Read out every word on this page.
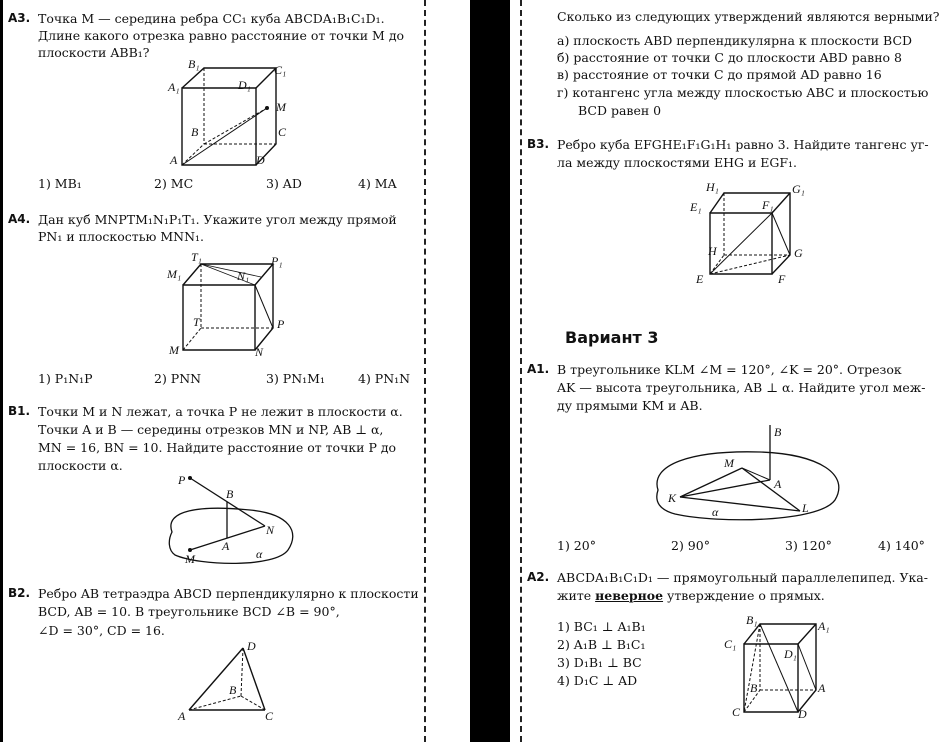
А3. Точка M — середина ребра CC₁ куба ABCDA₁B₁C₁D₁.
Длине какого отрезка равно расстояние от точки M до
плоскости ABB₁?
B₁	C₁
A₁	D₁
M
B	C
A	D
1) MB₁	2) MC	3) AD	4) MA
А4. Дан куб MNPTM₁N₁P₁T₁. Укажите угол между прямой
PN₁ и плоскостью MNN₁.
T₁	P₁
M₁	N₁
T	P
M	N
1) P₁N₁P	2) PNN	3) PN₁M₁	4) PN₁N
В1. Точки M и N лежат, а точка P не лежит в плоскости α.
Точки A и B — середины отрезков MN и NP, AB ⊥ α,
MN = 16, BN = 10. Найдите расстояние от точки P до
плоскости α.
P
B
N
A
M	α
В2. Ребро AB тетраэдра ABCD перпендикулярно к плоскости
BCD, AB = 10. В треугольнике BCD ∠B = 90°,
∠D = 30°, CD = 16.
D
B
A	C
Сколько из следующих утверждений являются верными?
а) плоскость ABD перпендикулярна к плоскости BCD
б) расстояние от точки C до плоскости ABD равно 8
в) расстояние от точки C до прямой AD равно 16
г) котангенс угла между плоскостью ABC и плоскостью
BCD равен 0
В3. Ребро куба EFGHE₁F₁G₁H₁ равно 3. Найдите тангенс уг-
ла между плоскостями EHG и EGF₁.
H₁	G₁
E₁	F₁
H	G
E	F
Вариант 3
А1. В треугольнике KLM ∠M = 120°, ∠K = 20°. Отрезок
AK — высота треугольника, AB ⊥ α. Найдите угол меж-
ду прямыми KM и AB.
B
M
K
A
L
α
1) 20°	2) 90°	3) 120°	4) 140°
А2. ABCDA₁B₁C₁D₁ — прямоугольный параллелепипед. Ука-
жите неверное утверждение о прямых.
1) BC₁ ⊥ A₁B₁
2) A₁B ⊥ B₁C₁
3) D₁B₁ ⊥ BC
4) D₁C ⊥ AD
B₁	A₁
C₁
D₁
B	A
C	D
